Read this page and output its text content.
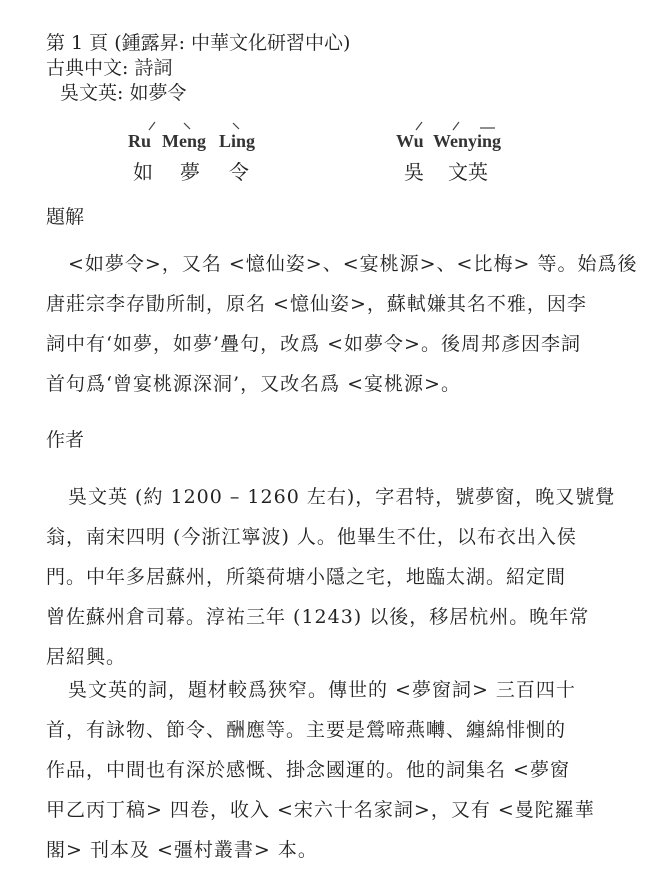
第 1 頁 (鍾露昇: 中華文化研習中心)
古典中文: 詩詞
吳文英: 如夢令
Ru Meng Ling
如 夢 令
Wu Wenying
吳 文英
題解
<如夢令>，又名 <憶仙姿>、<宴桃源>、<比梅> 等。始爲後
唐莊宗李存勖所制，原名 <憶仙姿>，蘇軾嫌其名不雅，因李
詞中有‘如夢，如夢’疊句，改爲 <如夢令>。後周邦彥因李詞
首句爲‘曾宴桃源深洞’，又改名爲 <宴桃源>。
作者
吳文英 (約 1200 – 1260 左右)，字君特，號夢窗，晚又號覺
翁，南宋四明 (今浙江寧波) 人。他畢生不仕，以布衣出入侯
門。中年多居蘇州，所築荷塘小隱之宅，地臨太湖。紹定間
曾佐蘇州倉司幕。淳祐三年 (1243) 以後，移居杭州。晚年常
居紹興。
吳文英的詞，題材較爲狹窄。傳世的 <夢窗詞> 三百四十
首，有詠物、節令、酬應等。主要是鶯啼燕囀、纏綿悱惻的
作品，中間也有深於感慨、掛念國運的。他的詞集名 <夢窗
甲乙丙丁稿> 四卷，收入 <宋六十名家詞>，又有 <曼陀羅華
閣> 刊本及 <彊村叢書> 本。
